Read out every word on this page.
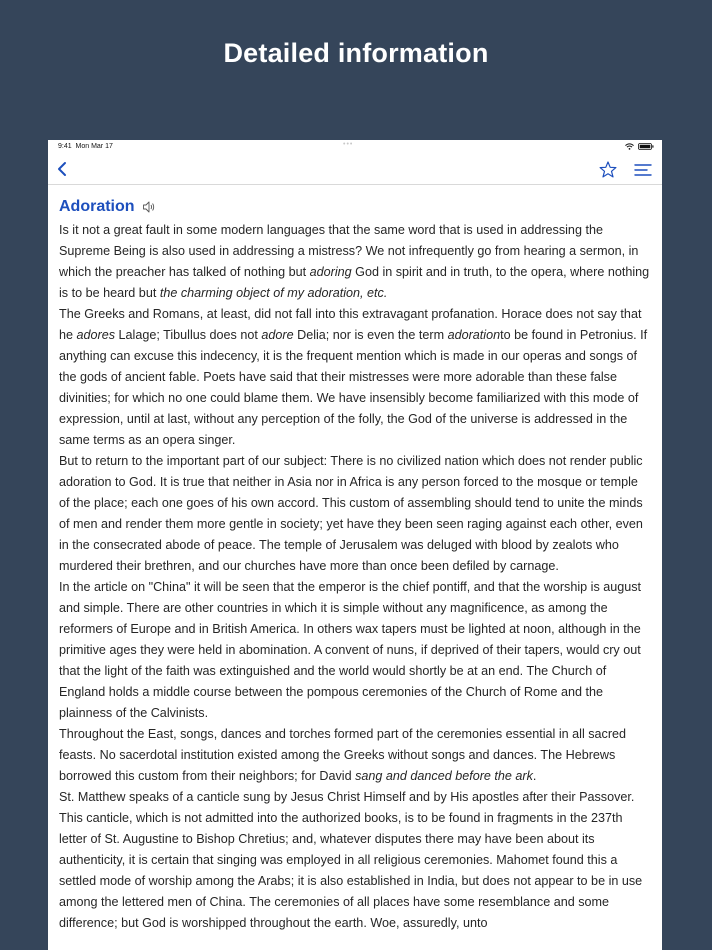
Detailed information
9:41 Mon Mar 17	•••
Adoration

Is it not a great fault in some modern languages that the same word that is used in addressing the Supreme Being is also used in addressing a mistress? We not infrequently go from hearing a sermon, in which the preacher has talked of nothing but adoring God in spirit and in truth, to the opera, where nothing is to be heard but the charming object of my adoration, etc.

The Greeks and Romans, at least, did not fall into this extravagant profanation. Horace does not say that he adores Lalage; Tibullus does not adore Delia; nor is even the term adorationto be found in Petronius. If anything can excuse this indecency, it is the frequent mention which is made in our operas and songs of the gods of ancient fable. Poets have said that their mistresses were more adorable than these false divinities; for which no one could blame them. We have insensibly become familiarized with this mode of expression, until at last, without any perception of the folly, the God of the universe is addressed in the same terms as an opera singer.

But to return to the important part of our subject: There is no civilized nation which does not render public adoration to God. It is true that neither in Asia nor in Africa is any person forced to the mosque or temple of the place; each one goes of his own accord. This custom of assembling should tend to unite the minds of men and render them more gentle in society; yet have they been seen raging against each other, even in the consecrated abode of peace. The temple of Jerusalem was deluged with blood by zealots who murdered their brethren, and our churches have more than once been defiled by carnage.

In the article on "China" it will be seen that the emperor is the chief pontiff, and that the worship is august and simple. There are other countries in which it is simple without any magnificence, as among the reformers of Europe and in British America. In others wax tapers must be lighted at noon, although in the primitive ages they were held in abomination. A convent of nuns, if deprived of their tapers, would cry out that the light of the faith was extinguished and the world would shortly be at an end. The Church of England holds a middle course between the pompous ceremonies of the Church of Rome and the plainness of the Calvinists.

Throughout the East, songs, dances and torches formed part of the ceremonies essential in all sacred feasts. No sacerdotal institution existed among the Greeks without songs and dances. The Hebrews borrowed this custom from their neighbors; for David sang and danced before the ark.

St. Matthew speaks of a canticle sung by Jesus Christ Himself and by His apostles after their Passover. This canticle, which is not admitted into the authorized books, is to be found in fragments in the 237th letter of St. Augustine to Bishop Chretius; and, whatever disputes there may have been about its authenticity, it is certain that singing was employed in all religious ceremonies. Mahomet found this a settled mode of worship among the Arabs; it is also established in India, but does not appear to be in use among the lettered men of China. The ceremonies of all places have some resemblance and some difference; but God is worshipped throughout the earth. Woe, assuredly, unto
